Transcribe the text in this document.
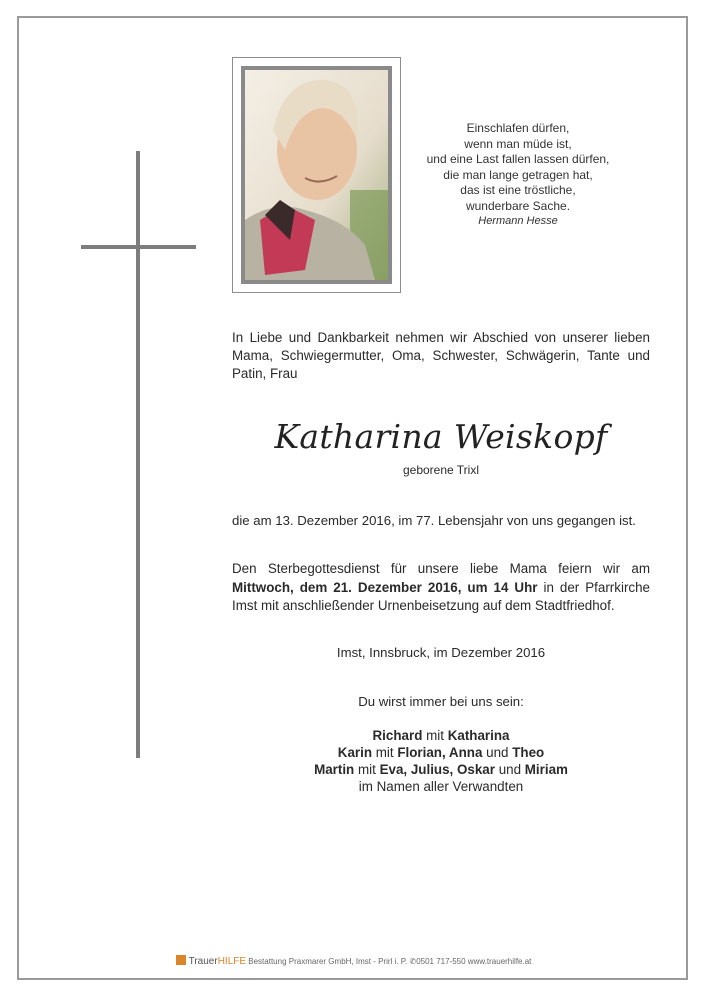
Einschlafen dürfen,
wenn man müde ist,
und eine Last fallen lassen dürfen,
die man lange getragen hat,
das ist eine tröstliche,
wunderbare Sache.
Hermann Hesse
In Liebe und Dankbarkeit nehmen wir Abschied von unserer lieben Mama, Schwiegermutter, Oma, Schwester, Schwägerin, Tante und Patin, Frau
Katharina Weiskopf
geborene Trixl
die am 13. Dezember 2016, im 77. Lebensjahr von uns gegangen ist.
Den Sterbegottesdienst für unsere liebe Mama feiern wir am Mittwoch, dem 21. Dezember 2016, um 14 Uhr in der Pfarrkirche Imst mit anschließender Urnenbeisetzung auf dem Stadtfriedhof.
Imst, Innsbruck, im Dezember 2016
Du wirst immer bei uns sein:
Richard mit Katharina
Karin mit Florian, Anna und Theo
Martin mit Eva, Julius, Oskar und Miriam
im Namen aller Verwandten
TrauerHILFE Bestattung Praxmarer GmbH, Imst - Prirl i. P. ✆0501 717-550 www.trauerhilfe.at
